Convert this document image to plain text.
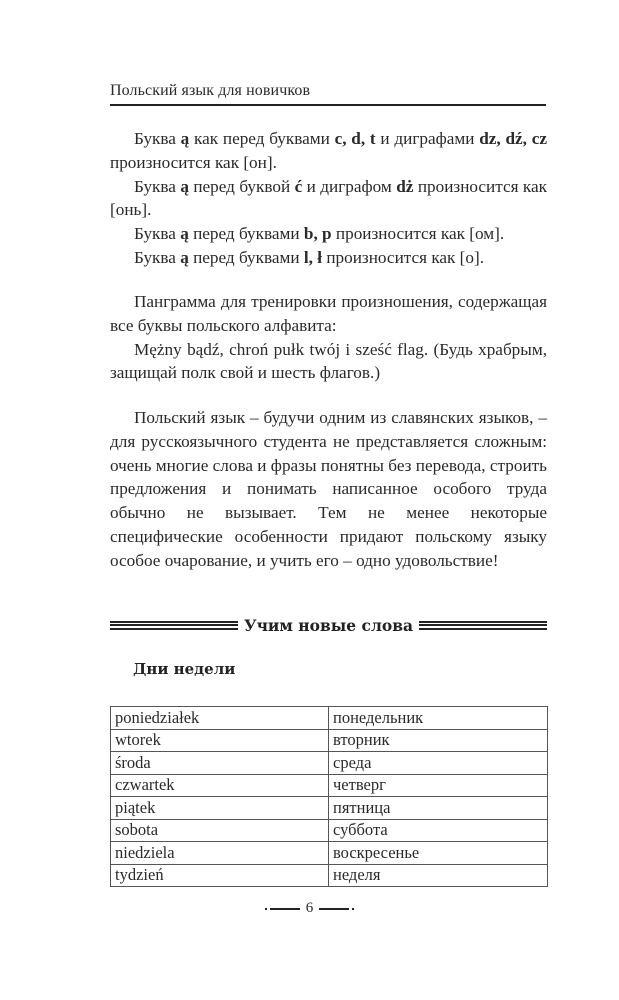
Польский язык для новичков

Буква ą как перед буквами c, d, t и диграфами dz, dź, cz произносится как [он].

Буква ą перед буквой ć и диграфом dż произносится как [онь].

Буква ą перед буквами b, p произносится как [ом].

Буква ą перед буквами l, ł произносится как [о].

Панграмма для тренировки произношения, содержащая все буквы польского алфавита:

Mężny bądź, chroń pułk twój i sześć flag. (Будь храбрым, защищай полк свой и шесть флагов.)

Польский язык – будучи одним из славянских языков, – для русскоязычного студента не представляется сложным: очень многие слова и фразы понятны без перевода, строить предложения и понимать написанное особого труда обычно не вызывает. Тем не менее некоторые специфические особенности придают польскому языку особое очарование, и учить его – одно удовольствие!

Учим новые слова
Дни недели
poniedziałek	понедельник
wtorek	вторник
środa	среда
czwartek	четверг
piątek	пятница
sobota	суббота
niedziela	воскресенье
tydzień	неделя
6
